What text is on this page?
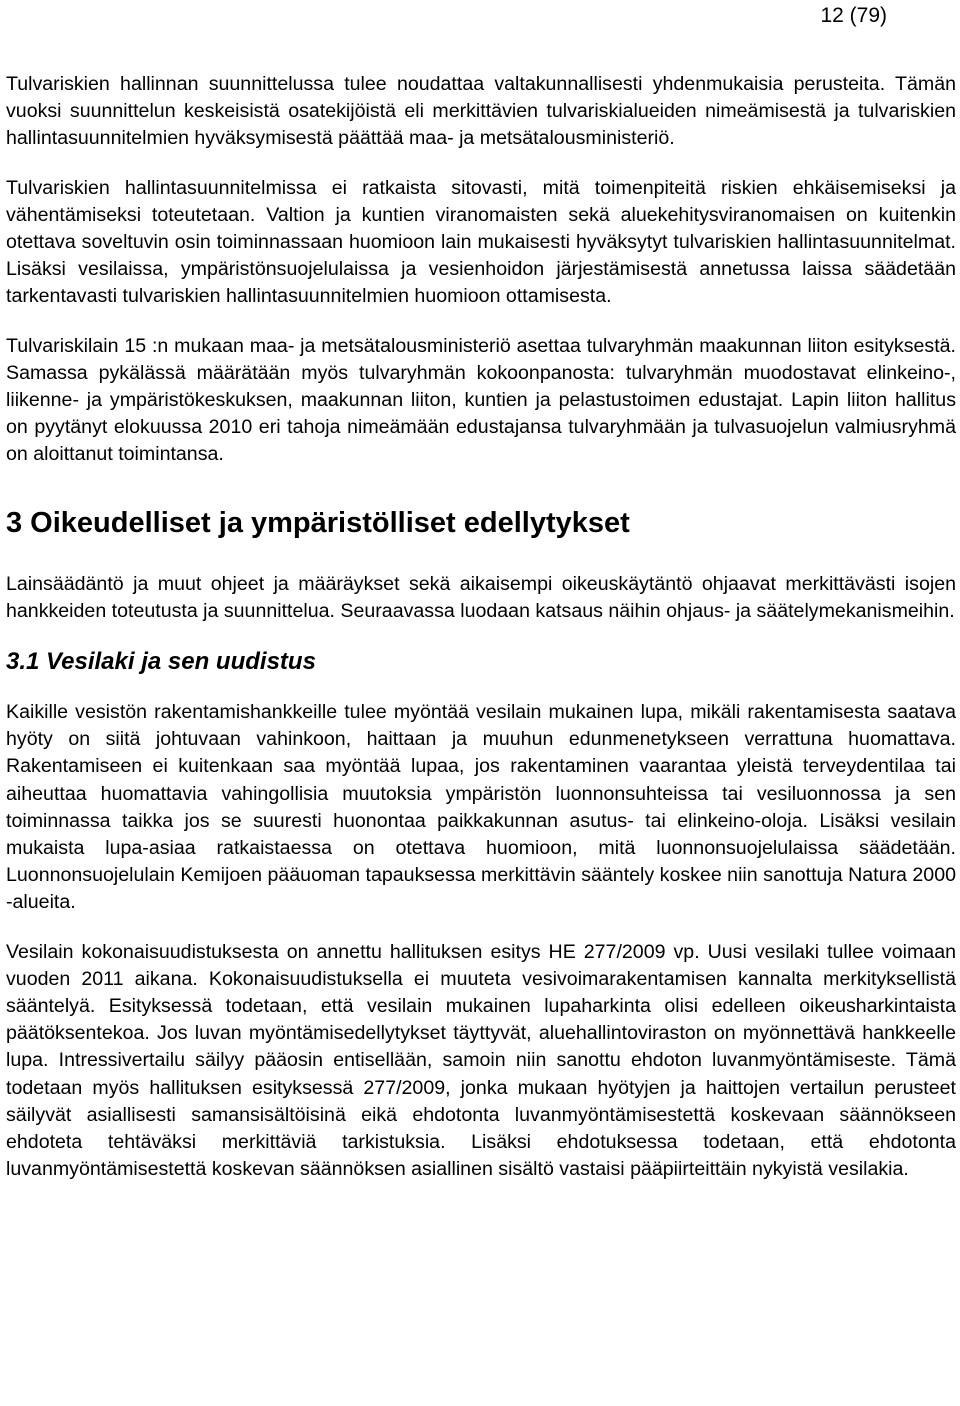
12 (79)

Tulvariskien hallinnan suunnittelussa tulee noudattaa valtakunnallisesti yhdenmukaisia perusteita. Tämän vuoksi suunnittelun keskeisistä osatekijöistä eli merkittävien tulvariskialueiden nimeämisestä ja tulvariskien hallintasuunnitelmien hyväksymisestä päättää maa- ja metsätalousministeriö.

Tulvariskien hallintasuunnitelmissa ei ratkaista sitovasti, mitä toimenpiteitä riskien ehkäisemiseksi ja vähentämiseksi toteutetaan. Valtion ja kuntien viranomaisten sekä aluekehitysviranomaisen on kuitenkin otettava soveltuvin osin toiminnassaan huomioon lain mukaisesti hyväksytyt tulvariskien hallintasuunnitelmat. Lisäksi vesilaissa, ympäristönsuojelulaissa ja vesienhoidon järjestämisestä annetussa laissa säädetään tarkentavasti tulvariskien hallintasuunnitelmien huomioon ottamisesta.

Tulvariskilain 15 :n mukaan maa- ja metsätalousministeriö asettaa tulvaryhmän maakunnan liiton esityksestä. Samassa pykälässä määrätään myös tulvaryhmän kokoonpanosta: tulvaryhmän muodostavat elinkeino-, liikenne- ja ympäristökeskuksen, maakunnan liiton, kuntien ja pelastustoimen edustajat. Lapin liiton hallitus on pyytänyt elokuussa 2010 eri tahoja nimeämään edustajansa tulvaryhmään ja tulvasuojelun valmiusryhmä on aloittanut toimintansa.

3 Oikeudelliset ja ympäristölliset edellytykset

Lainsäädäntö ja muut ohjeet ja määräykset sekä aikaisempi oikeuskäytäntö ohjaavat merkittävästi isojen hankkeiden toteutusta ja suunnittelua. Seuraavassa luodaan katsaus näihin ohjaus- ja säätelymekanismeihin.

3.1 Vesilaki ja sen uudistus

Kaikille vesistön rakentamishankkeille tulee myöntää vesilain mukainen lupa, mikäli rakentamisesta saatava hyöty on siitä johtuvaan vahinkoon, haittaan ja muuhun edunmenetykseen verrattuna huomattava. Rakentamiseen ei kuitenkaan saa myöntää lupaa, jos rakentaminen vaarantaa yleistä terveydentilaa tai aiheuttaa huomattavia vahingollisia muutoksia ympäristön luonnonsuhteissa tai vesiluonnossa ja sen toiminnassa taikka jos se suuresti huonontaa paikkakunnan asutus- tai elinkeino-oloja. Lisäksi vesilain mukaista lupa-asiaa ratkaistaessa on otettava huomioon, mitä luonnonsuojelulaissa säädetään. Luonnonsuojelulain Kemijoen pääuoman tapauksessa merkittävin sääntely koskee niin sanottuja Natura 2000 -alueita.

Vesilain kokonaisuudistuksesta on annettu hallituksen esitys HE 277/2009 vp. Uusi vesilaki tullee voimaan vuoden 2011 aikana. Kokonaisuudistuksella ei muuteta vesivoimarakentamisen kannalta merkityksellistä sääntelyä. Esityksessä todetaan, että vesilain mukainen lupaharkinta olisi edelleen oikeusharkintaista päätöksentekoa. Jos luvan myöntämisedellytykset täyttyvät, aluehallintoviraston on myönnettävä hankkeelle lupa. Intressivertailu säilyy pääosin entisellään, samoin niin sanottu ehdoton luvanmyöntämiseste. Tämä todetaan myös hallituksen esityksessä 277/2009, jonka mukaan hyötyjen ja haittojen vertailun perusteet säilyvät asiallisesti samansisältöisinä eikä ehdotonta luvanmyöntämisestettä koskevaan säännökseen ehdoteta tehtäväksi merkittäviä tarkistuksia. Lisäksi ehdotuksessa todetaan, että ehdotonta luvanmyöntämisestettä koskevan säännöksen asiallinen sisältö vastaisi pääpiirteittäin nykyistä vesilakia.
